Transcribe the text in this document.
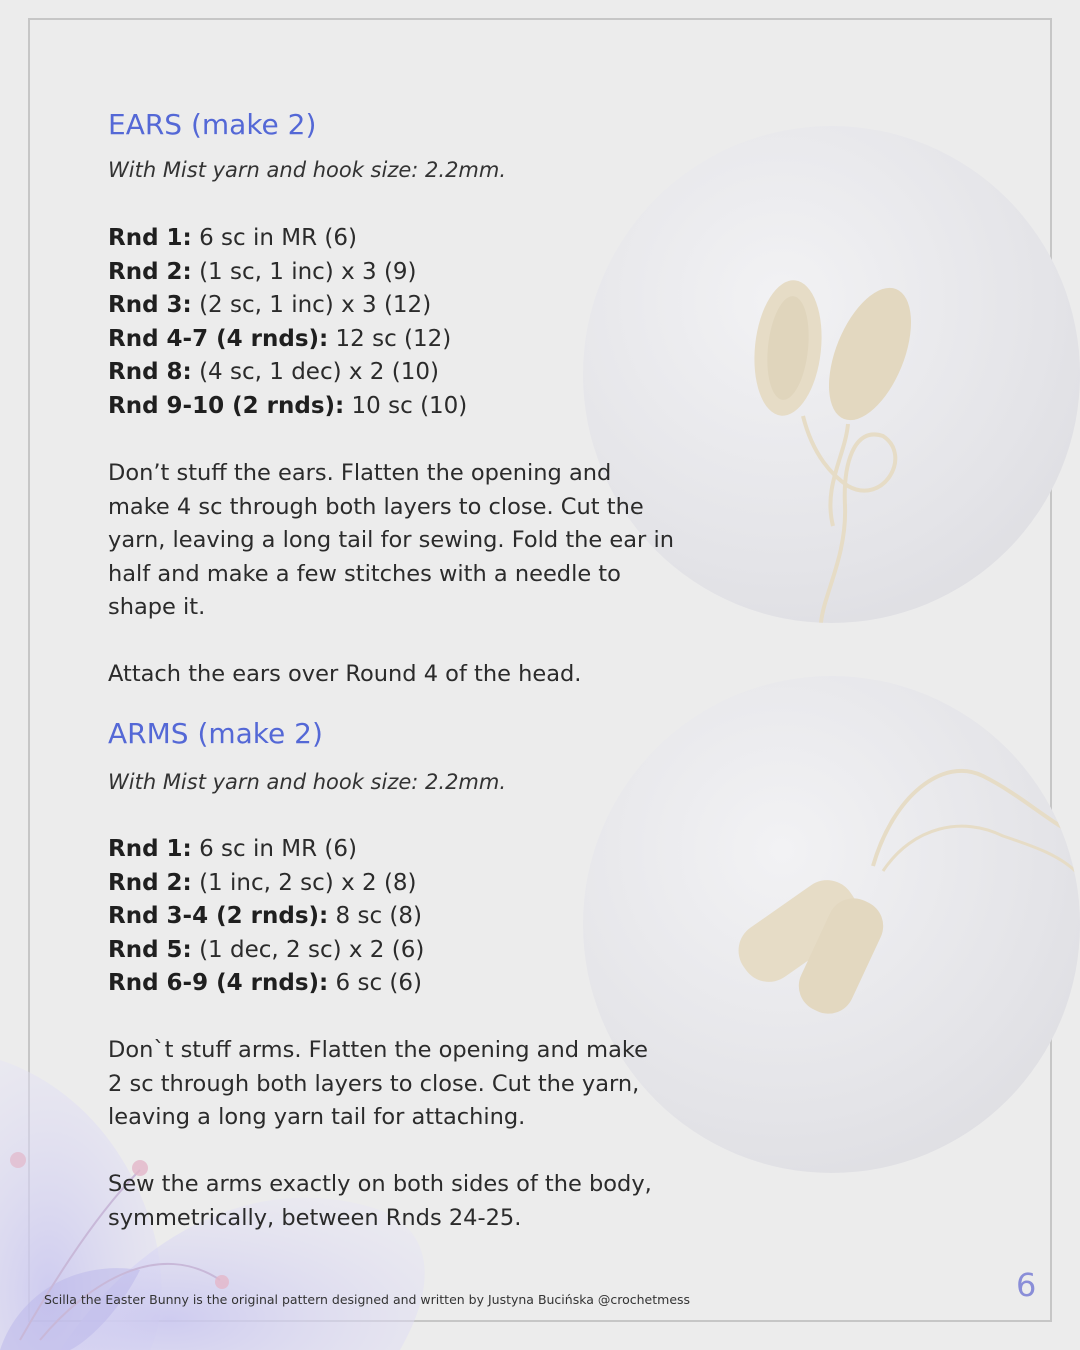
EARS (make 2)

With Mist yarn and hook size: 2.2mm.

Rnd 1: 6 sc in MR (6)
Rnd 2: (1 sc, 1 inc) x 3 (9)
Rnd 3: (2 sc, 1 inc) x 3 (12)
Rnd 4-7 (4 rnds): 12 sc (12)
Rnd 8: (4 sc, 1 dec) x 2 (10)
Rnd 9-10 (2 rnds): 10 sc (10)

Don’t stuff the ears. Flatten the opening and
make 4 sc through both layers to close. Cut the
yarn, leaving a long tail for sewing. Fold the ear in
half and make a few stitches with a needle to
shape it.

Attach the ears over Round 4 of the head.

ARMS (make 2)

With Mist yarn and hook size: 2.2mm.

Rnd 1: 6 sc in MR (6)
Rnd 2: (1 inc, 2 sc) x 2 (8)
Rnd 3-4 (2 rnds): 8 sc (8)
Rnd 5: (1 dec, 2 sc) x 2 (6)
Rnd 6-9 (4 rnds): 6 sc (6)

Don`t stuff arms. Flatten the opening and make
2 sc through both layers to close. Cut the yarn,
leaving a long yarn tail for attaching.

Sew the arms exactly on both sides of the body,
symmetrically, between Rnds 24-25.

Scilla the Easter Bunny is the original pattern designed and written by Justyna Bucińska @crochetmess	6
